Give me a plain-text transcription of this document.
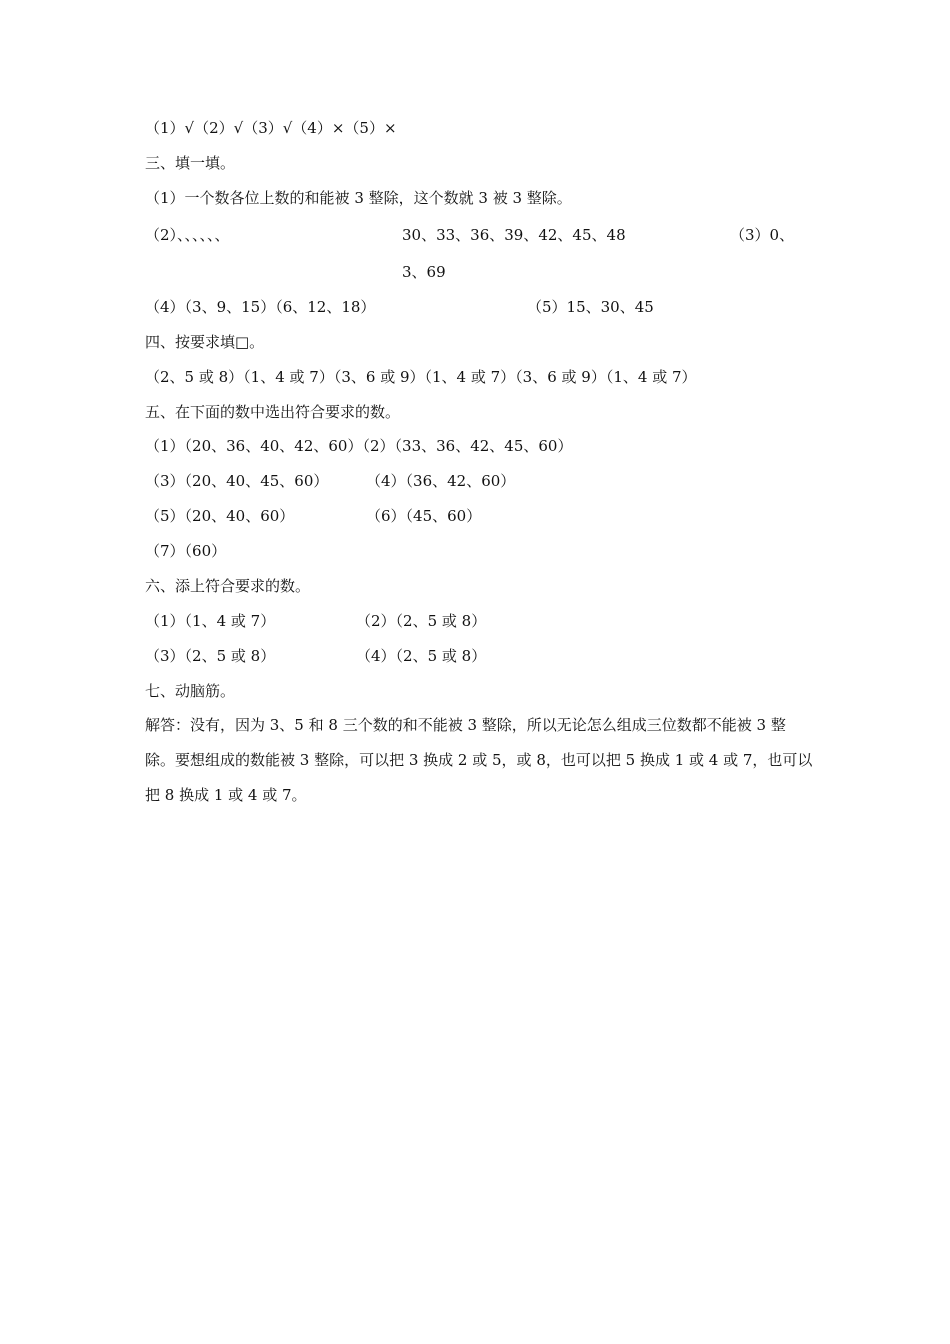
（1）√（2）√（3）√（4）×（5）×
三、填一填。
（1）一个数各位上数的和能被 3 整除，这个数就 3 被 3 整除。
（2）、、、、、、	30、33、36、39、42、45、48	（3）0、
3、69
（4）（3、9、15）（6、12、18）	（5）15、30、45
四、按要求填□。
（2、5 或 8）（1、4 或 7）（3、6 或 9）（1、4 或 7）（3、6 或 9）（1、4 或 7）
五、在下面的数中选出符合要求的数。
（1）（20、36、40、42、60）（2）（33、36、42、45、60）
（3）（20、40、45、60）	（4）（36、42、60）
（5）（20、40、60）	（6）（45、60）
（7）（60）
六、添上符合要求的数。
（1）（1、4 或 7）	（2）（2、5 或 8）
（3）（2、5 或 8）	（4）（2、5 或 8）
七、动脑筋。
解答：没有，因为 3、5 和 8 三个数的和不能被 3 整除，所以无论怎么组成三位数都不能被 3 整除。要想组成的数能被 3 整除，可以把 3 换成 2 或 5，或 8，也可以把 5 换成 1 或 4 或 7，也可以把 8 换成 1 或 4 或 7。
